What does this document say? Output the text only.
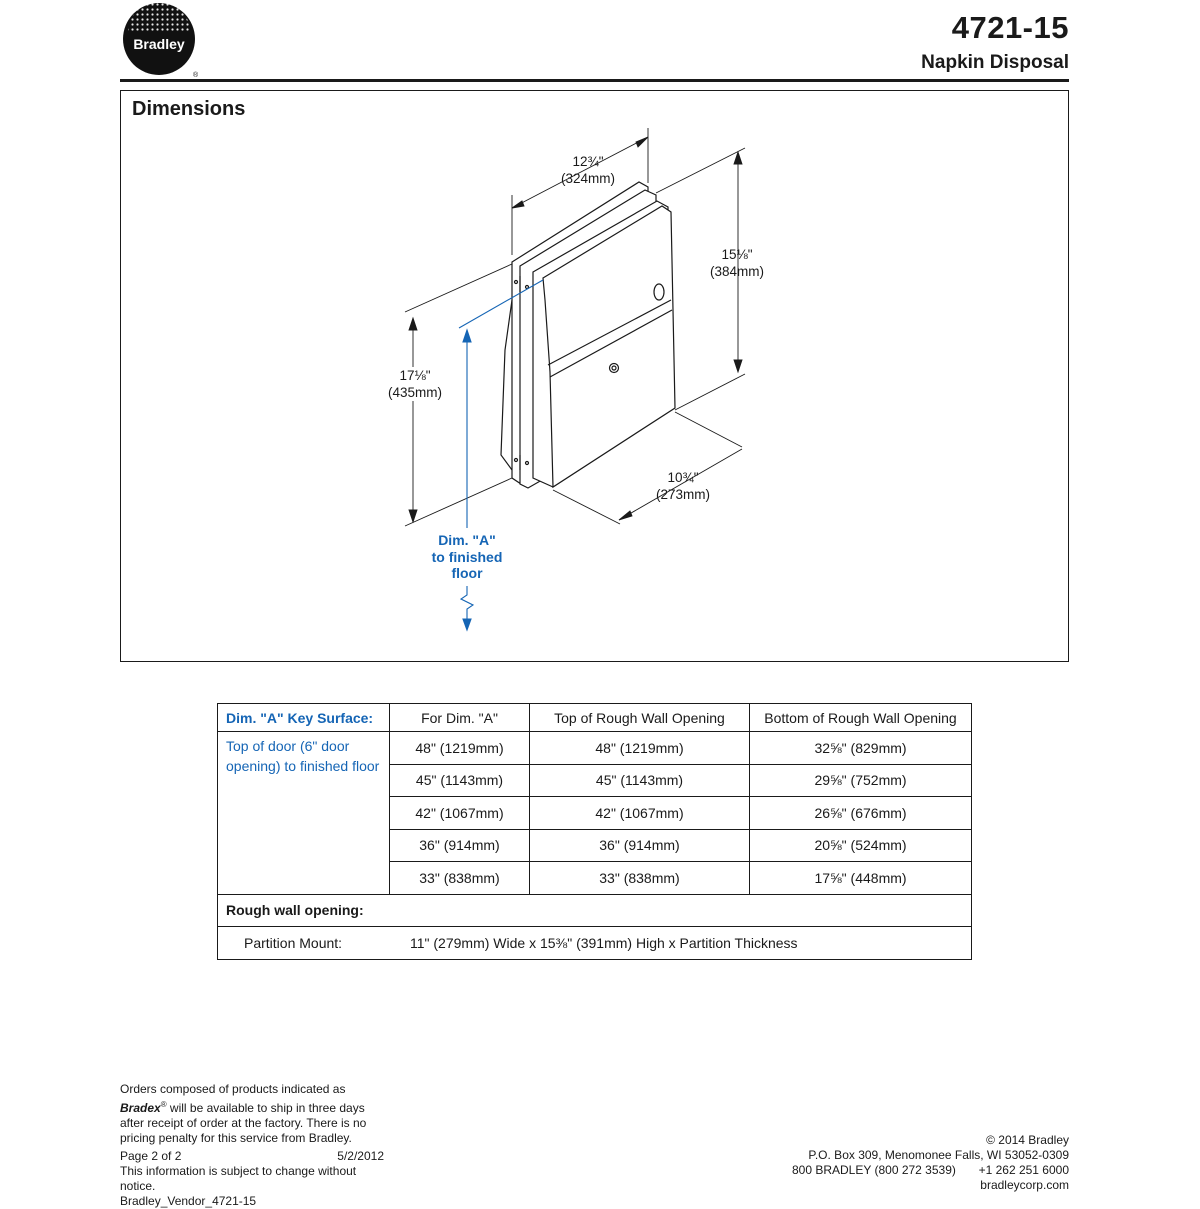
Bradley
®
4721-15
Napkin Disposal
Dimensions
12¾"
(324mm)
15⅛"
(384mm)
17⅛"
(435mm)
10¾"
(273mm)
Dim. "A"
to finished
floor
Dim. "A" Key Surface:	For Dim. "A"	Top of Rough Wall Opening	Bottom of Rough Wall Opening
Top of door (6" door opening) to finished floor	48" (1219mm)	48" (1219mm)	32⅝" (829mm)
	45" (1143mm)	45" (1143mm)	29⅝" (752mm)
	42" (1067mm)	42" (1067mm)	26⅝" (676mm)
	36" (914mm)	36" (914mm)	20⅝" (524mm)
	33" (838mm)	33" (838mm)	17⅝" (448mm)
Rough wall opening:			

Partition Mount: 11" (279mm) Wide x 15⅜" (391mm) High x Partition Thickness			
Orders composed of products indicated as Bradex® will be available to ship in three days after receipt of order at the factory. There is no pricing penalty for this service from Bradley.
Page 2 of 2	5/2/2012
This information is subject to change without notice.
Bradley_Vendor_4721-15
© 2014 Bradley
P.O. Box 309, Menomonee Falls, WI 53052-0309
800 BRADLEY (800 272 3539) +1 262 251 6000
bradleycorp.com
